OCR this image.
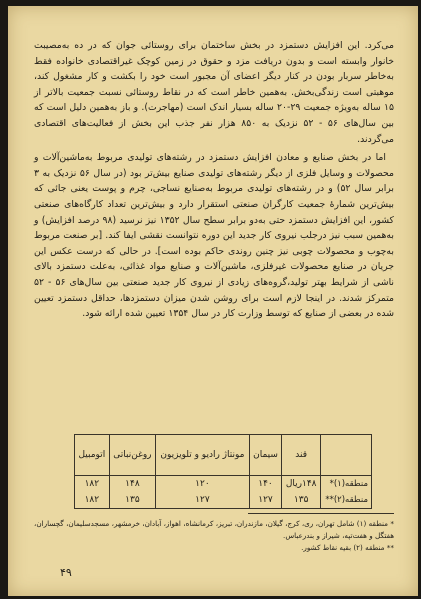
می‌کرد. این افزایش دستمزد در بخش ساختمان برای روستائی جوان که در ده به‌مصیبت خانوار وابسته است و بدون دریافت مزد و حقوق در زمین کوچک غیراقتصادی خانواده فقط به‌خاطر سربار بودن در کنار دیگر اعضای آن مجبور است خود را بکشت و کار مشغول کند، موهبتی است زندگی‌بخش. به‌همین خاطر است که در نقاط روستائی نسبت جمعیت بالاتر از ۱۵ ساله به‌ویژه جمعیت ۲۹-۲۰ ساله بسیار اندک است (مهاجرت). و باز به‌همین دلیل است که بین سال‌های ۵۶ - ۵۲ نزدیک به ۸۵۰ هزار نفر جذب این بخش از فعالیت‌های اقتصادی می‌گردند.

اما در بخش صنایع و معادن افزایش دستمزد در رشته‌های تولیدی مربوط به‌ماشین‌آلات و محصولات و وسایل فلزی از دیگر رشته‌های تولیدی صنایع بیش‌تر بود (در سال ۵۶ نزدیک به ۳ برابر سال ۵۲) و در رشته‌های تولیدی مربوط به‌صنایع نساجی، چرم و پوست یعنی جائی که بیش‌ترین شمارهٔ جمعیت کارگران صنعتی استقرار دارد و بیش‌ترین تعداد کارگاه‌های صنعتی کشور، این افزایش دستمزد حتی به‌دو برابر سطح سال ۱۳۵۲ نیز نرسید (۹۸ درصد افزایش) و به‌همین سبب نیز درجلب نیروی کار جدید این دوره نتوانست نقشی ایفا کند. [بر صنعت مربوط به‌چوب و محصولات چوبی نیز چنین روندی حاکم بوده است]. در حالی که درست عکس این جریان در صنایع محصولات غیرفلزی، ماشین‌آلات و صنایع مواد غذائی، به‌علت دستمزد بالای ناشی از شرایط بهتر تولید،گروه‌های زیادی از نیروی کار جدید صنعتی بین سال‌های ۵۶ - ۵۲ متمرکز شدند. در اینجا لازم است برای روشن شدن میزان دستمزدها، حداقل دستمزد تعیین شده در بعضی از صنایع که توسط وزارت کار در سال ۱۳۵۴ تعیین شده ارائه شود.

	قند	سیمان	مونتاژ رادیو و تلویزیون	روغن‌نباتی	اتومبیل
منطقه(۱)*	۱۴۸ریال	۱۴۰	۱۲۰	۱۴۸	۱۸۲
منطقه(۲)**	۱۳۵	۱۲۷	۱۲۷	۱۳۵	۱۸۲

* منطقه (۱) شامل تهران، ری، کرج، گیلان، مازندران، تبریز، کرمانشاه، اهواز، آبادان، خرمشهر، مسجدسلیمان، گچساران، هفتگل و هفت‌تپه، شیراز و بندرعباس.

** منطقه (۲) بقیه نقاط کشور.

۴۹
